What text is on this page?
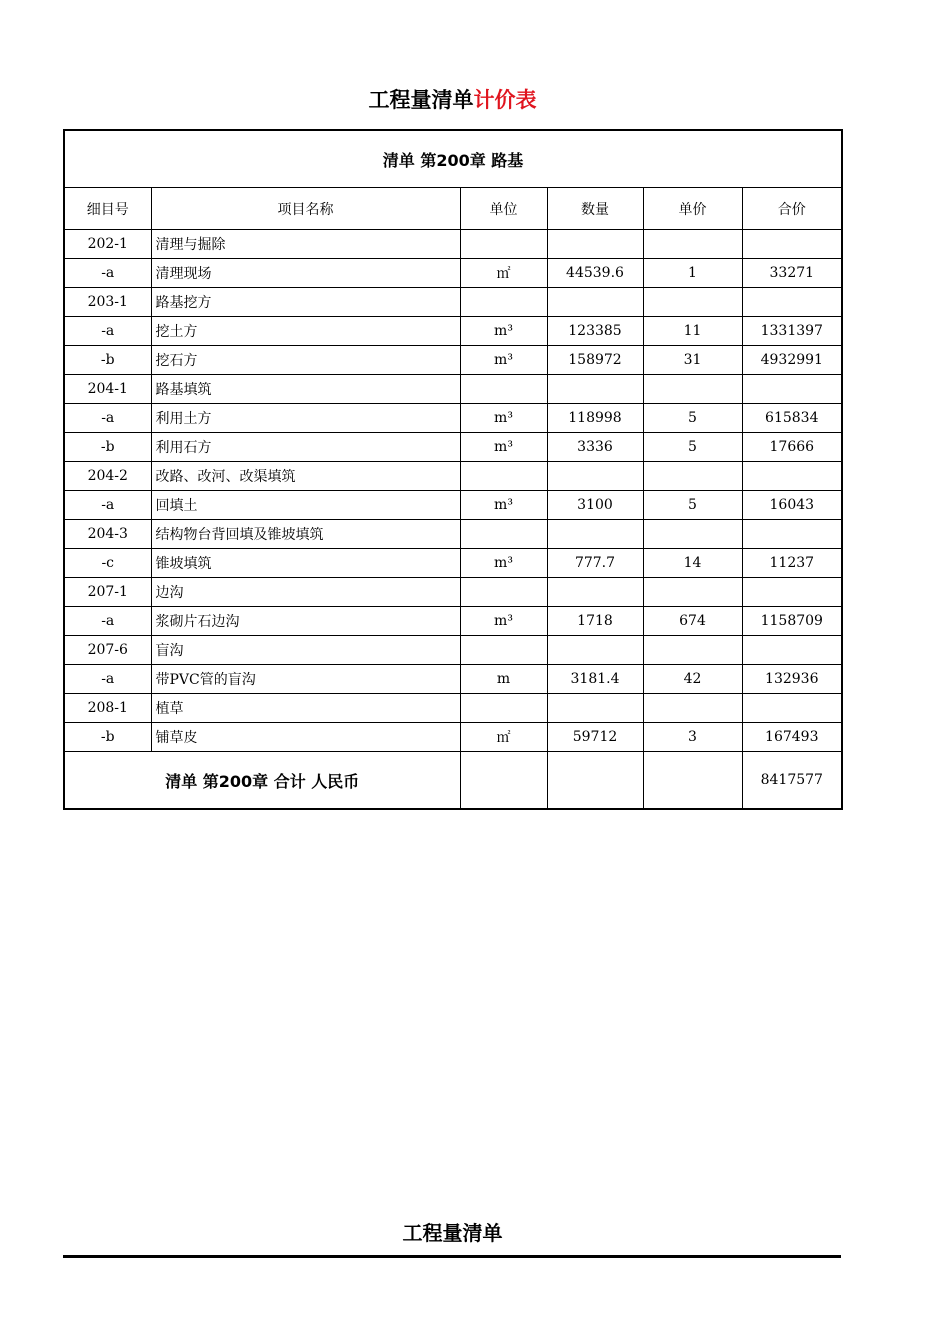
工程量清单计价表
清单 第200章 路基					
细目号	项目名称	单位	数量	单价	合价
202-1	清理与掘除				
-a	清理现场	㎡	44539.6	1	33271
203-1	路基挖方				
-a	挖土方	m³	123385	11	1331397
-b	挖石方	m³	158972	31	4932991
204-1	路基填筑				
-a	利用土方	m³	118998	5	615834
-b	利用石方	m³	3336	5	17666
204-2	改路、改河、改渠填筑				
-a	回填土	m³	3100	5	16043
204-3	结构物台背回填及锥坡填筑				
-c	锥坡填筑	m³	777.7	14	11237
207-1	边沟				
-a	浆砌片石边沟	m³	1718	674	1158709
207-6	盲沟				
-a	带PVC管的盲沟	m	3181.4	42	132936
208-1	植草				
-b	铺草皮	㎡	59712	3	167493
清单 第200章 合计 人民币					8417577
工程量清单
